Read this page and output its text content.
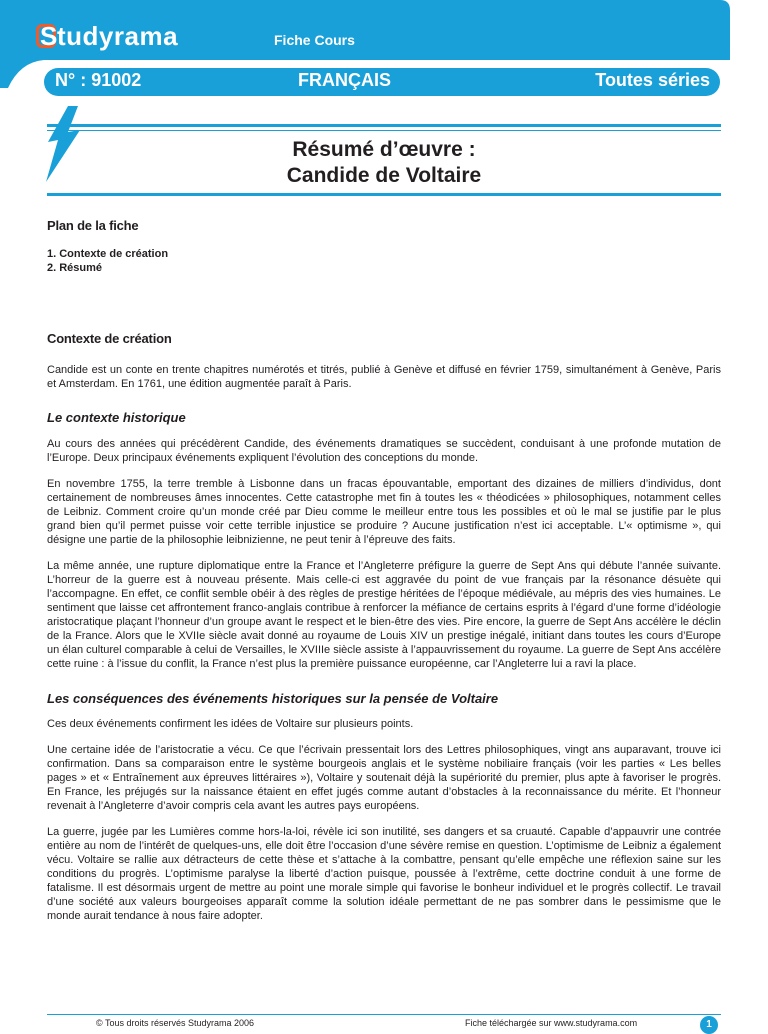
S tudyrama	Fiche Cours
N° : 91002	FRANÇAIS	Toutes séries
Résumé d’œuvre :
Candide de Voltaire
Plan de la fiche
1. Contexte de création
2. Résumé
Contexte de création

Candide est un conte en trente chapitres numérotés et titrés, publié à Genève et diffusé en février 1759, simultanément à Genève, Paris et Amsterdam. En 1761, une édition augmentée paraît à Paris.

Le contexte historique

Au cours des années qui précédèrent Candide, des événements dramatiques se succèdent, conduisant à une profonde mutation de l’Europe. Deux principaux événements expliquent l’évolution des conceptions du monde.

En novembre 1755, la terre tremble à Lisbonne dans un fracas épouvantable, emportant des dizaines de milliers d’individus, dont certainement de nombreuses âmes innocentes. Cette catastrophe met fin à toutes les « théodicées » philosophiques, notamment celles de Leibniz. Comment croire qu’un monde créé par Dieu comme le meilleur entre tous les possibles et où le mal se justifie par le plus grand bien qu’il permet puisse voir cette terrible injustice se produire ? Aucune justification n’est ici acceptable. L’« optimisme », qui désigne une partie de la philosophie leibnizienne, ne peut tenir à l’épreuve des faits.

La même année, une rupture diplomatique entre la France et l’Angleterre préfigure la guerre de Sept Ans qui débute l’année suivante. L’horreur de la guerre est à nouveau présente. Mais celle-ci est aggravée du point de vue français par la résonance désuète qui l’accompagne. En effet, ce conflit semble obéir à des règles de prestige héritées de l’époque médiévale, au mépris des vies humaines. Le sentiment que laisse cet affrontement franco-anglais contribue à renforcer la méfiance de certains esprits à l’égard d’une forme d’idéologie aristocratique plaçant l’honneur d’un groupe avant le respect et le bien-être des vies. Pire encore, la guerre de Sept Ans accélère le déclin de la France. Alors que le XVIIe siècle avait donné au royaume de Louis XIV un prestige inégalé, initiant dans toutes les cours d’Europe un élan culturel comparable à celui de Versailles, le XVIIIe siècle assiste à l’appauvrissement du royaume. La guerre de Sept Ans accélère cette ruine : à l’issue du conflit, la France n’est plus la première puissance européenne, car l’Angleterre lui a ravi la place.

Les conséquences des événements historiques sur la pensée de Voltaire

Ces deux événements confirment les idées de Voltaire sur plusieurs points.

Une certaine idée de l’aristocratie a vécu. Ce que l’écrivain pressentait lors des Lettres philosophiques, vingt ans auparavant, trouve ici confirmation. Dans sa comparaison entre le système bourgeois anglais et le système nobiliaire français (voir les parties « Les belles pages » et « Entraînement aux épreuves littéraires »), Voltaire y soutenait déjà la supériorité du premier, plus apte à favoriser le progrès. En France, les préjugés sur la naissance étaient en effet jugés comme autant d’obstacles à la reconnaissance du mérite. Et l’honneur revenait à l’Angleterre d’avoir compris cela avant les autres pays européens.

La guerre, jugée par les Lumières comme hors-la-loi, révèle ici son inutilité, ses dangers et sa cruauté. Capable d’appauvrir une contrée entière au nom de l’intérêt de quelques-uns, elle doit être l’occasion d’une sévère remise en question. L’optimisme de Leibniz a également vécu. Voltaire se rallie aux détracteurs de cette thèse et s’attache à la combattre, pensant qu’elle empêche une réflexion saine sur les conditions du progrès. L’optimisme paralyse la liberté d’action puisque, poussée à l’extrême, cette doctrine conduit à une forme de fatalisme. Il est désormais urgent de mettre au point une morale simple qui favorise le bonheur individuel et le progrès collectif. Le travail d’une société aux valeurs bourgeoises apparaît comme la solution idéale permettant de ne pas sombrer dans le pessimisme que le monde aurait tendance à nous faire adopter.

© Tous droits réservés Studyrama 2006	Fiche téléchargée sur www.studyrama.com	1
